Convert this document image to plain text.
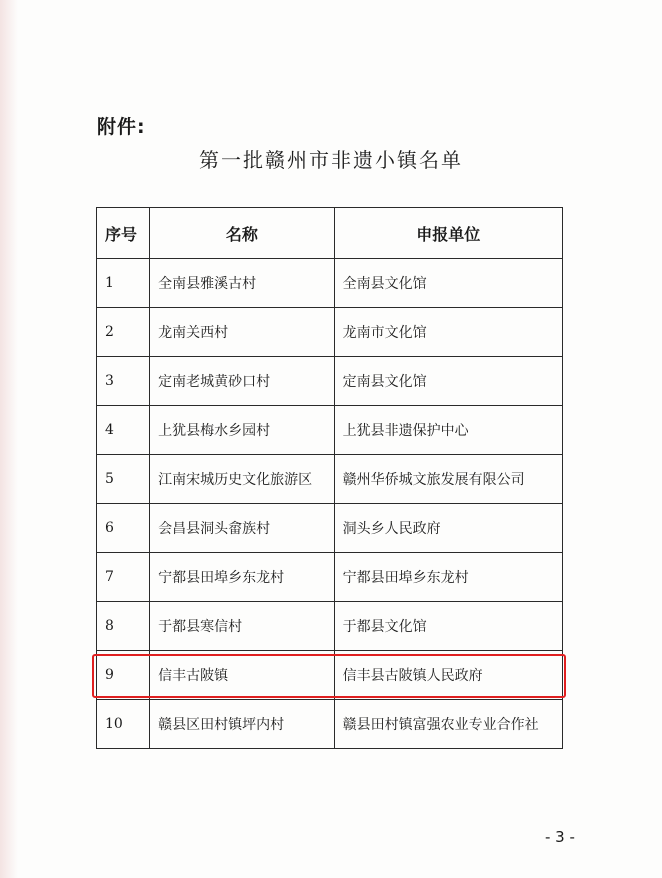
附件:
第一批赣州市非遗小镇名单
序号	名称	申报单位
1	全南县雅溪古村	全南县文化馆
2	龙南关西村	龙南市文化馆
3	定南老城黄砂口村	定南县文化馆
4	上犹县梅水乡园村	上犹县非遗保护中心
5	江南宋城历史文化旅游区	赣州华侨城文旅发展有限公司
6	会昌县洞头畲族村	洞头乡人民政府
7	宁都县田埠乡东龙村	宁都县田埠乡东龙村
8	于都县寒信村	于都县文化馆
9	信丰古陂镇	信丰县古陂镇人民政府
10	赣县区田村镇坪内村	赣县田村镇富强农业专业合作社
- 3 -
